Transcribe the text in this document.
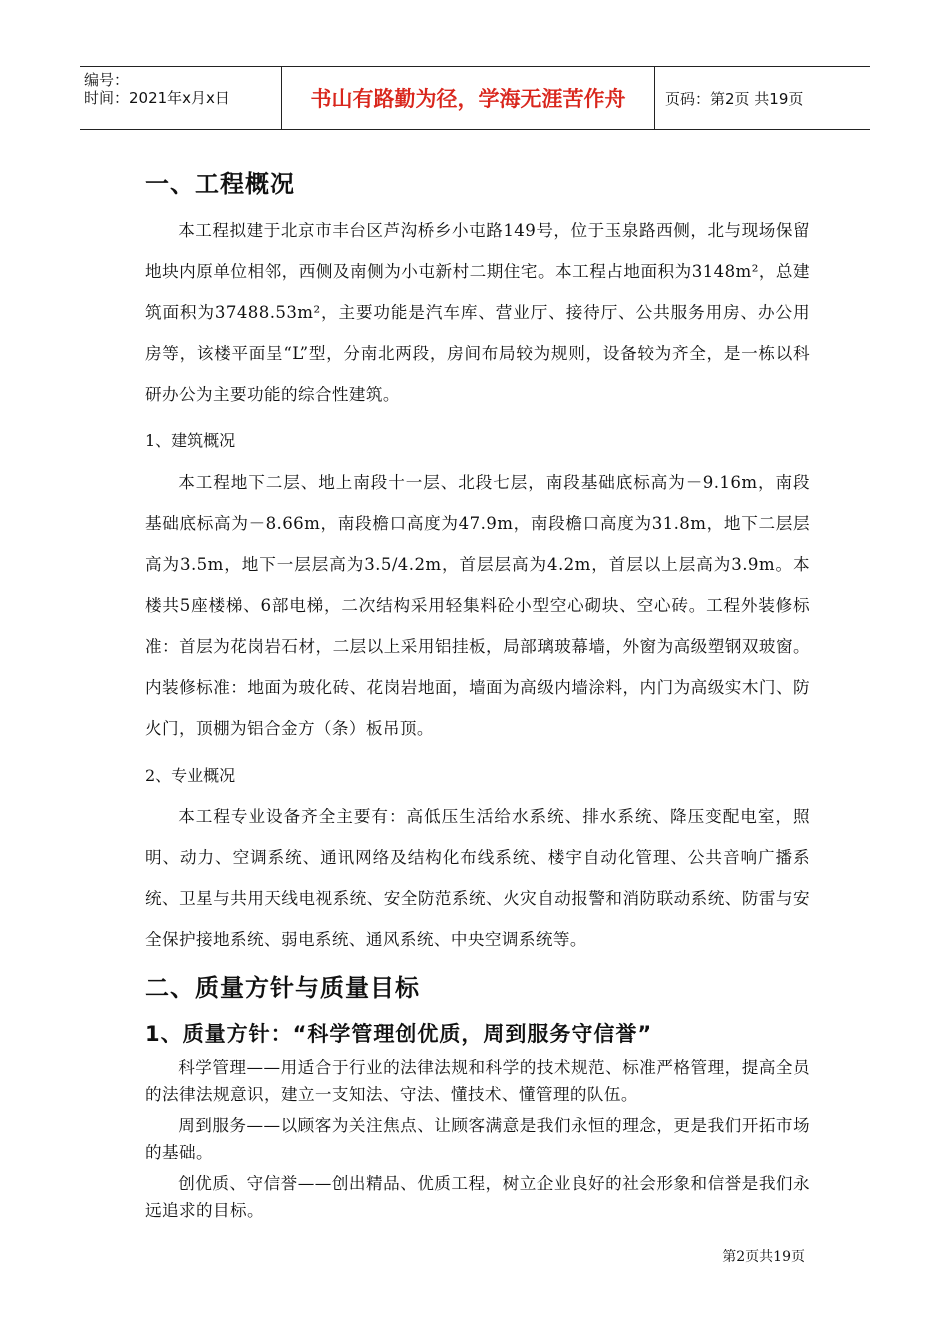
编号：
时间：2021年x月x日	书山有路勤为径，学海无涯苦作舟	页码：第2页 共19页
一、工程概况
本工程拟建于北京市丰台区芦沟桥乡小屯路149号，位于玉泉路西侧，北与现场保留地块内原单位相邻，西侧及南侧为小屯新村二期住宅。本工程占地面积为3148m²，总建筑面积为37488.53m²，主要功能是汽车库、营业厅、接待厅、公共服务用房、办公用房等，该楼平面呈“L”型，分南北两段，房间布局较为规则，设备较为齐全，是一栋以科研办公为主要功能的综合性建筑。
1、建筑概况
本工程地下二层、地上南段十一层、北段七层，南段基础底标高为－9.16m，南段基础底标高为－8.66m，南段檐口高度为47.9m，南段檐口高度为31.8m，地下二层层高为3.5m，地下一层层高为3.5/4.2m，首层层高为4.2m，首层以上层高为3.9m。本楼共5座楼梯、6部电梯，二次结构采用轻集料砼小型空心砌块、空心砖。工程外装修标准：首层为花岗岩石材，二层以上采用铝挂板，局部璃玻幕墙，外窗为高级塑钢双玻窗。内装修标准：地面为玻化砖、花岗岩地面，墙面为高级内墙涂料，内门为高级实木门、防火门，顶棚为铝合金方（条）板吊顶。
2、专业概况
本工程专业设备齐全主要有：高低压生活给水系统、排水系统、降压变配电室，照明、动力、空调系统、通讯网络及结构化布线系统、楼宇自动化管理、公共音响广播系统、卫星与共用天线电视系统、安全防范系统、火灾自动报警和消防联动系统、防雷与安全保护接地系统、弱电系统、通风系统、中央空调系统等。
二、质量方针与质量目标
1、质量方针：“科学管理创优质，周到服务守信誉”
科学管理——用适合于行业的法律法规和科学的技术规范、标准严格管理，提高全员的法律法规意识，建立一支知法、守法、懂技术、懂管理的队伍。
周到服务——以顾客为关注焦点、让顾客满意是我们永恒的理念，更是我们开拓市场的基础。
创优质、守信誉——创出精品、优质工程，树立企业良好的社会形象和信誉是我们永远追求的目标。
第2页共19页
